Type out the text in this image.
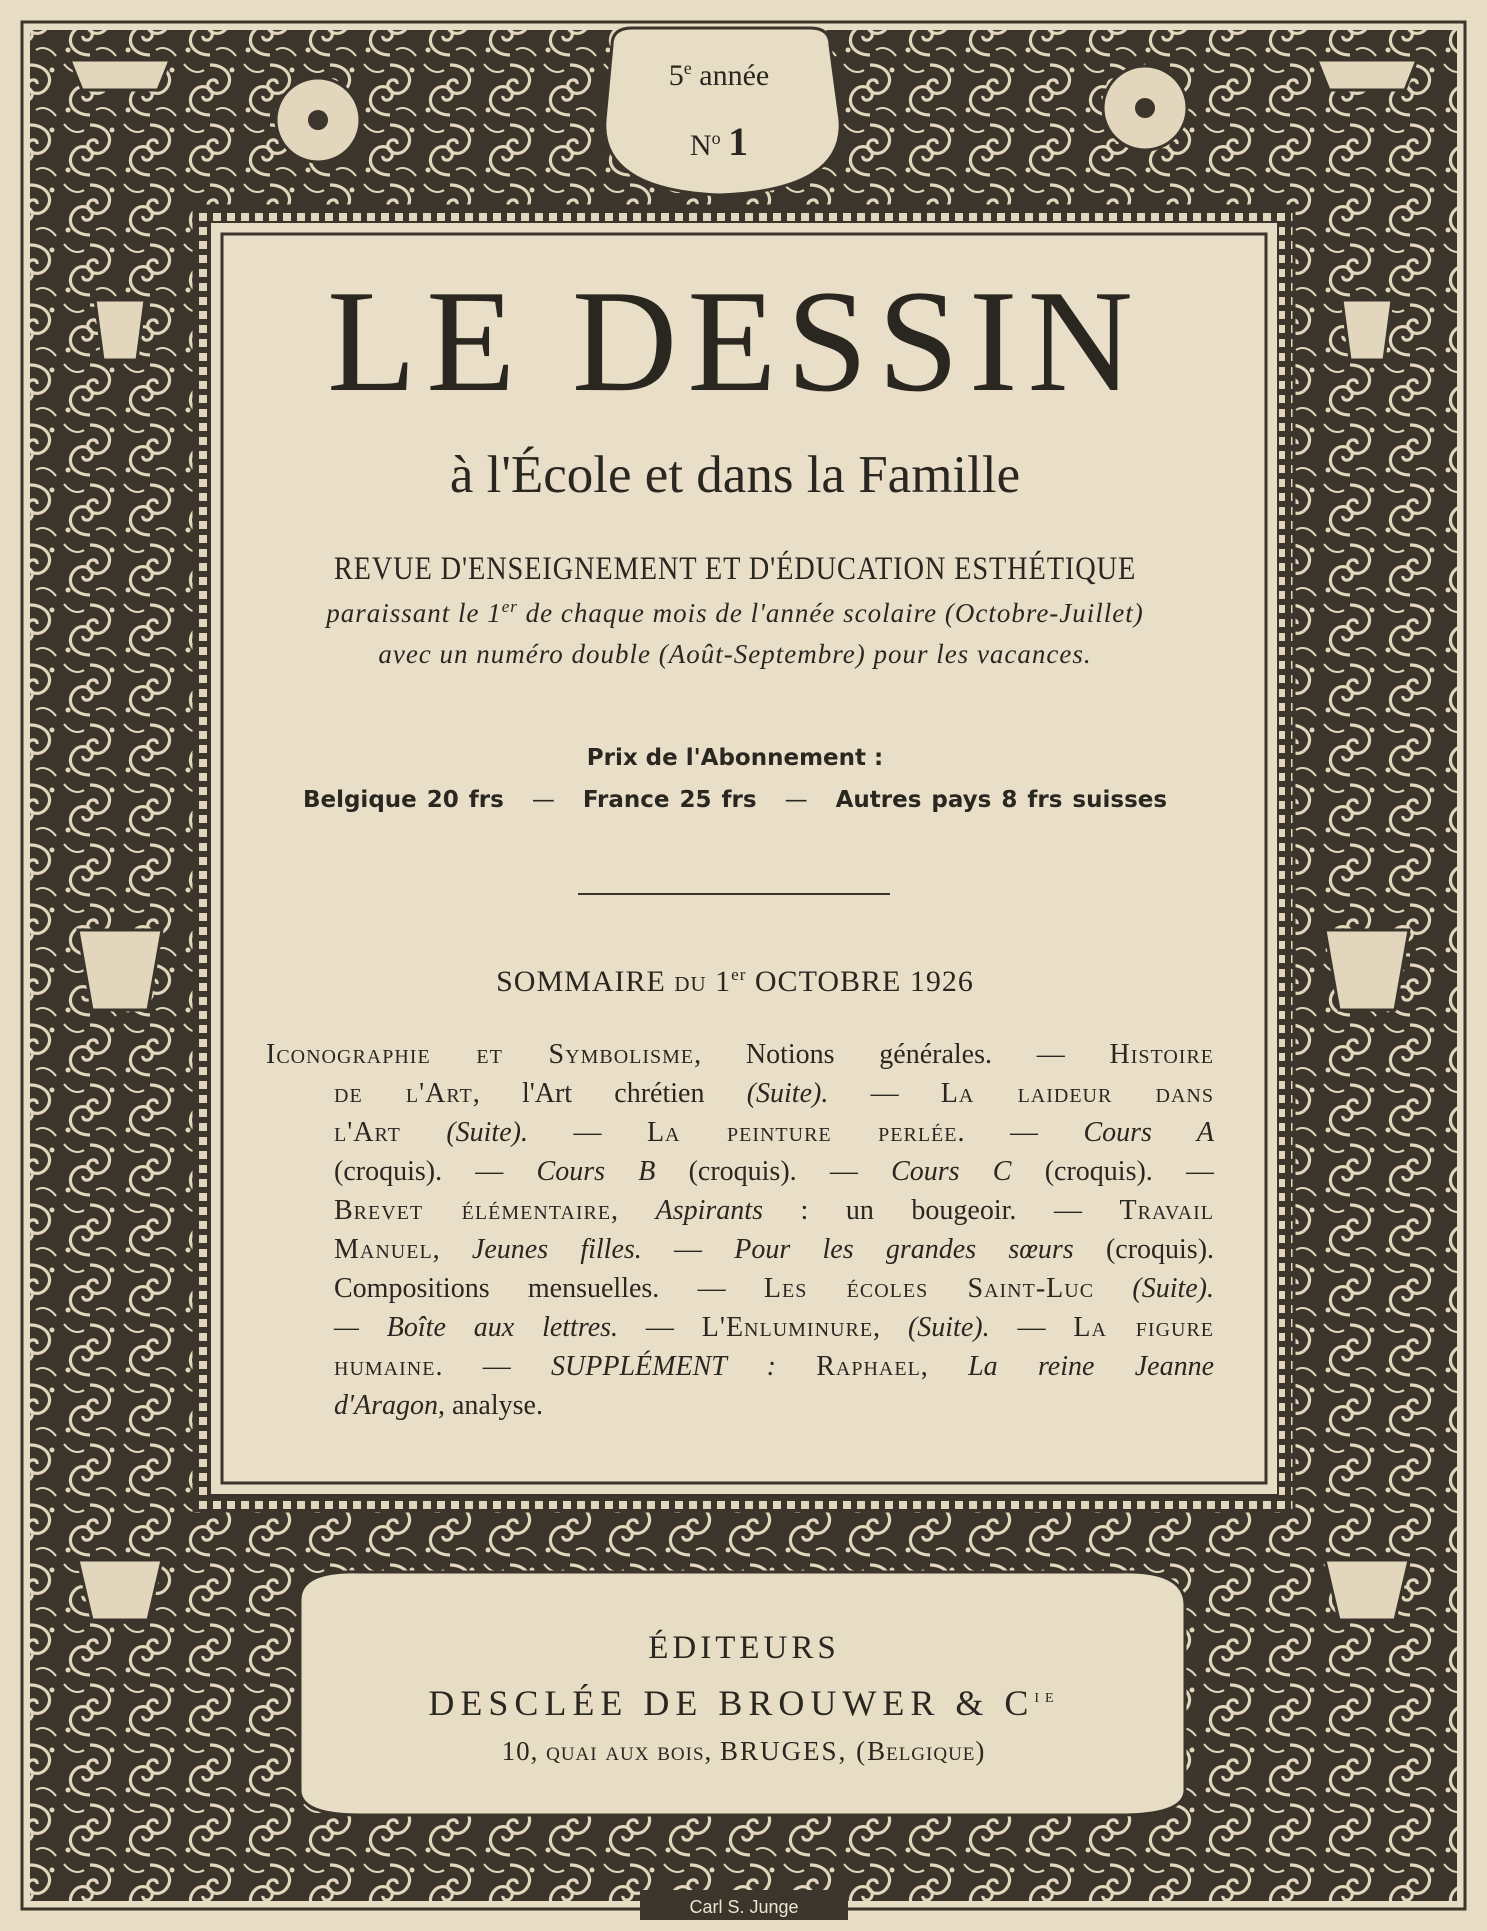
5e année
$N^o$ 1
LE DESSIN
à l'École et dans la Famille
REVUE D'ENSEIGNEMENT ET D'ÉDUCATION ESTHÉTIQUE
paraissant le 1er de chaque mois de l'année scolaire (Octobre-Juillet)
avec un numéro double (Août-Septembre) pour les vacances.
Prix de l'Abonnement :
Belgique 20 frs — France 25 frs — Autres pays 8 frs suisses
SOMMAIRE du 1er OCTOBRE 1926
Iconographie et Symbolisme, Notions générales. — Histoire
de l'Art, l'Art chrétien (Suite). — La laideur dans
l'Art (Suite). — La peinture perlée. — Cours A
(croquis). — Cours B (croquis). — Cours C (croquis). —
Brevet élémentaire, Aspirants : un bougeoir. — Travail
Manuel, Jeunes filles. — Pour les grandes sœurs (croquis).
Compositions mensuelles. — Les écoles Saint-Luc (Suite).
— Boîte aux lettres. — L'Enluminure, (Suite). — La figure
humaine. — SUPPLÉMENT : Raphael, La reine Jeanne
d'Aragon, analyse.
ÉDITEURS
DESCLÉE DE BROUWER & $C^{ie}$
10, quai aux bois, BRUGES, (Belgique)
Carl S. Junge
